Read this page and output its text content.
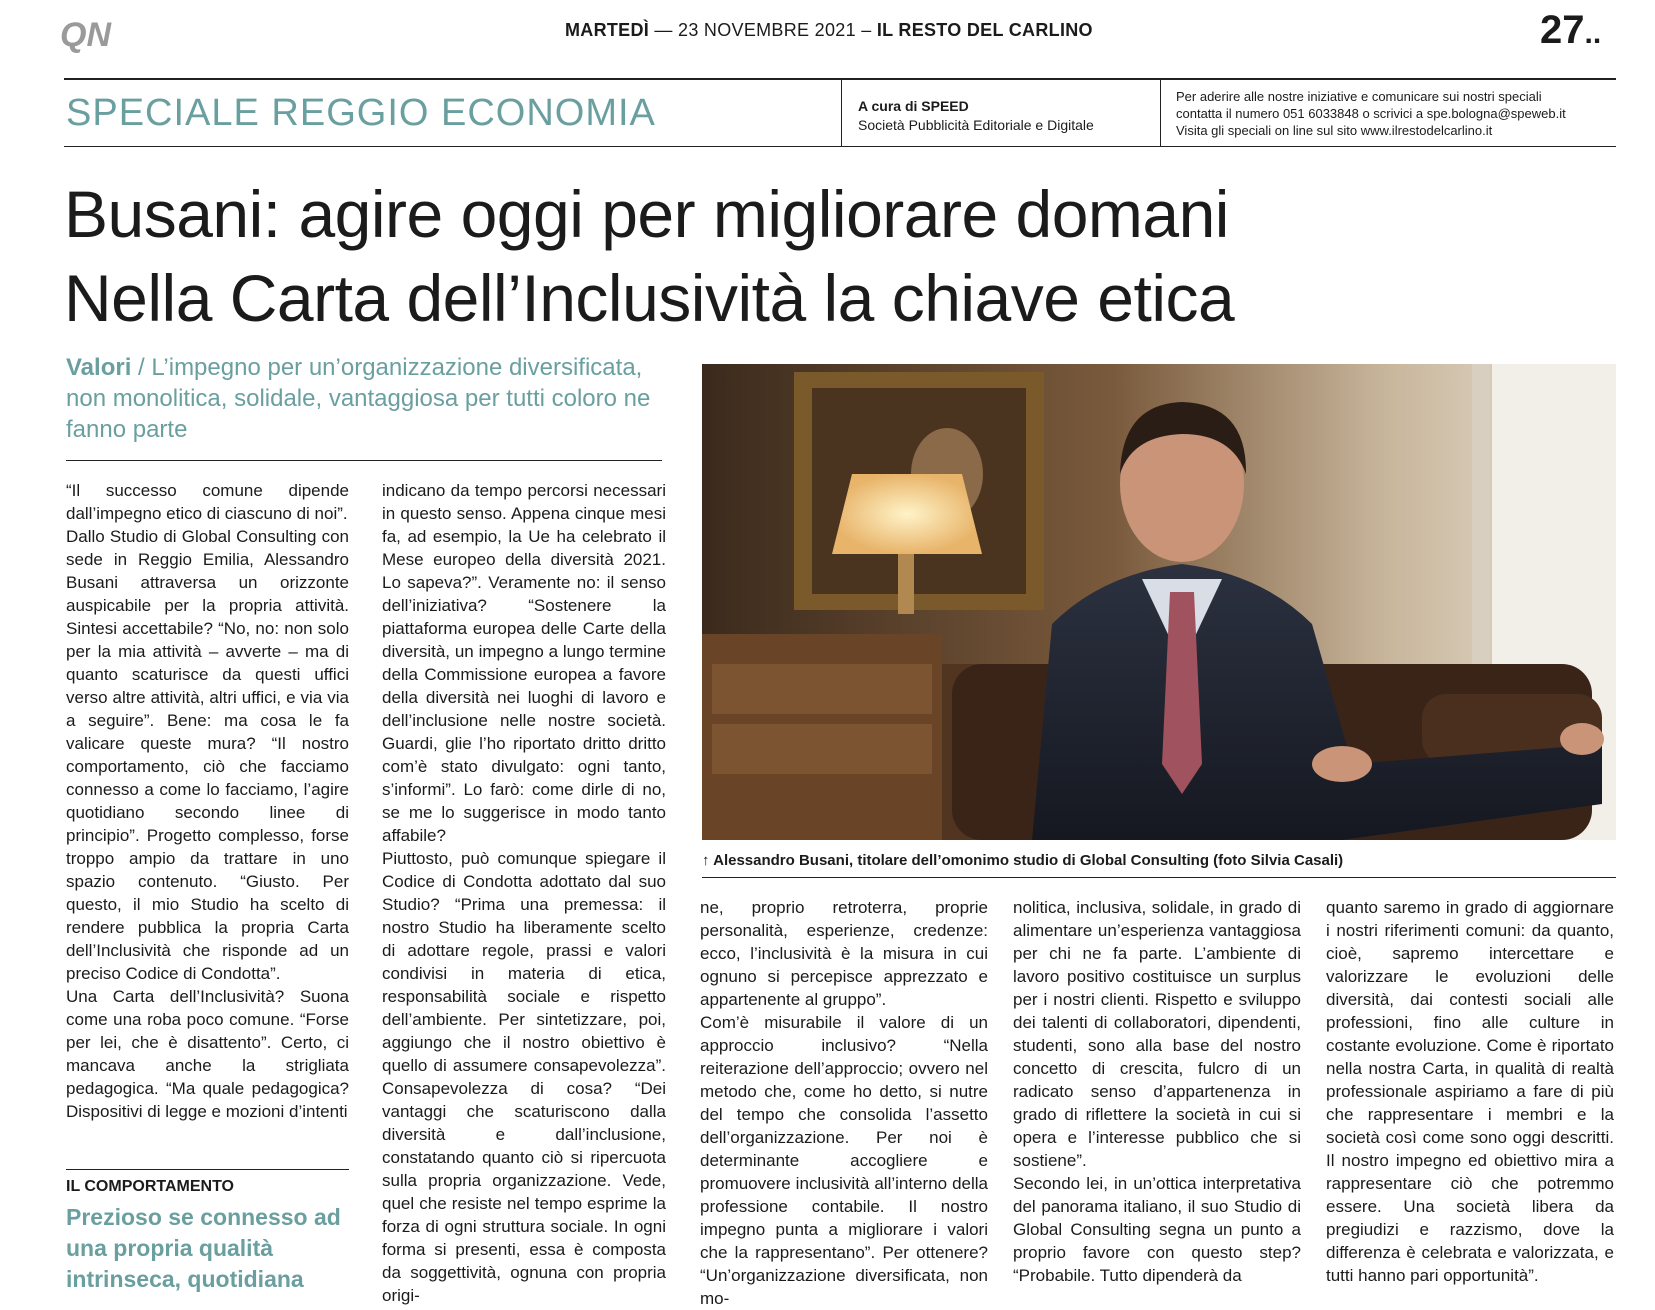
QN	MARTEDÌ — 23 NOVEMBRE 2021 – IL RESTO DEL CARLINO	27..
SPECIALE REGGIO ECONOMIA	A cura di SPEED
Società Pubblicità Editoriale e Digitale
Per aderire alle nostre iniziative e comunicare sui nostri speciali
contatta il numero 051 6033848 o scrivici a spe.bologna@speweb.it
Visita gli speciali on line sul sito www.ilrestodelcarlino.it
Busani: agire oggi per migliorare domani
Nella Carta dell’Inclusività la chiave etica
Valori / L’impegno per un’organizzazione diversificata, non monolitica, solidale, vantaggiosa per tutti coloro ne fanno parte
↑ Alessandro Busani, titolare dell’omonimo studio di Global Consulting (foto Silvia Casali)

“Il successo comune dipende dall’impegno etico di ciascuno di noi”.

Dallo Studio di Global Consulting con sede in Reggio Emilia, Alessandro Busani attraversa un orizzonte auspicabile per la propria attività. Sintesi accettabile? “No, no: non solo per la mia attività – avverte – ma di quanto scaturisce da questi uffici verso altre attività, altri uffici, e via via a seguire”. Bene: ma cosa le fa valicare queste mura? “Il nostro comportamento, ciò che facciamo connesso a come lo facciamo, l’agire quotidiano secondo linee di principio”. Progetto complesso, forse troppo ampio da trattare in uno spazio contenuto. “Giusto. Per questo, il mio Studio ha scelto di rendere pubblica la propria Carta dell’Inclusività che risponde ad un preciso Codice di Condotta”.

Una Carta dell’Inclusività? Suona come una roba poco comune. “Forse per lei, che è disattento”. Certo, ci mancava anche la strigliata pedagogica. “Ma quale pedagogica? Dispositivi di legge e mozioni d’intenti

indicano da tempo percorsi necessari in questo senso. Appena cinque mesi fa, ad esempio, la Ue ha celebrato il Mese europeo della diversità 2021. Lo sapeva?”. Veramente no: il senso dell’iniziativa? “Sostenere la piattaforma europea delle Carte della diversità, un impegno a lungo termine della Commissione europea a favore della diversità nei luoghi di lavoro e dell’inclusione nelle nostre società. Guardi, glie l’ho riportato dritto dritto com’è stato divulgato: ogni tanto, s’informi”. Lo farò: come dirle di no, se me lo suggerisce in modo tanto affabile?

Piuttosto, può comunque spiegare il Codice di Condotta adottato dal suo Studio? “Prima una premessa: il nostro Studio ha liberamente scelto di adottare regole, prassi e valori condivisi in materia di etica, responsabilità sociale e rispetto dell’ambiente. Per sintetizzare, poi, aggiungo che il nostro obiettivo è quello di assumere consapevolezza”. Consapevolezza di cosa? “Dei vantaggi che scaturiscono dalla diversità e dall’inclusione, constatando quanto ciò si ripercuota sulla propria organizzazione. Vede, quel che resiste nel tempo esprime la forza di ogni struttura sociale. In ogni forma si presenti, essa è composta da soggettività, ognuna con propria origi-

ne, proprio retroterra, proprie personalità, esperienze, credenze: ecco, l’inclusività è la misura in cui ognuno si percepisce apprezzato e appartenente al gruppo”.

Com’è misurabile il valore di un approccio inclusivo? “Nella reiterazione dell’approccio; ovvero nel metodo che, come ho detto, si nutre del tempo che consolida l’assetto dell’organizzazione. Per noi è determinante accogliere e promuovere inclusività all’interno della professione contabile. Il nostro impegno punta a migliorare i valori che la rappresentano”. Per ottenere? “Un’organizzazione diversificata, non mo-

nolitica, inclusiva, solidale, in grado di alimentare un’esperienza vantaggiosa per chi ne fa parte. L’ambiente di lavoro positivo costituisce un surplus per i nostri clienti. Rispetto e sviluppo dei talenti di collaboratori, dipendenti, studenti, sono alla base del nostro concetto di crescita, fulcro di un radicato senso d’appartenenza in grado di riflettere la società in cui si opera e l’interesse pubblico che si sostiene”.

Secondo lei, in un’ottica interpretativa del panorama italiano, il suo Studio di Global Consulting segna un punto a proprio favore con questo step? “Probabile. Tutto dipenderà da

quanto saremo in grado di aggiornare i nostri riferimenti comuni: da quanto, cioè, sapremo intercettare e valorizzare le evoluzioni delle diversità, dai contesti sociali alle professioni, fino alle culture in costante evoluzione. Come è riportato nella nostra Carta, in qualità di realtà professionale aspiriamo a fare di più che rappresentare i membri e la società così come sono oggi descritti. Il nostro impegno ed obiettivo mira a rappresentare ciò che potremmo essere. Una società libera da pregiudizi e razzismo, dove la differenza è celebrata e valorizzata, e tutti hanno pari opportunità”.

IL COMPORTAMENTO
Prezioso se connesso ad una propria qualità intrinseca, quotidiana
